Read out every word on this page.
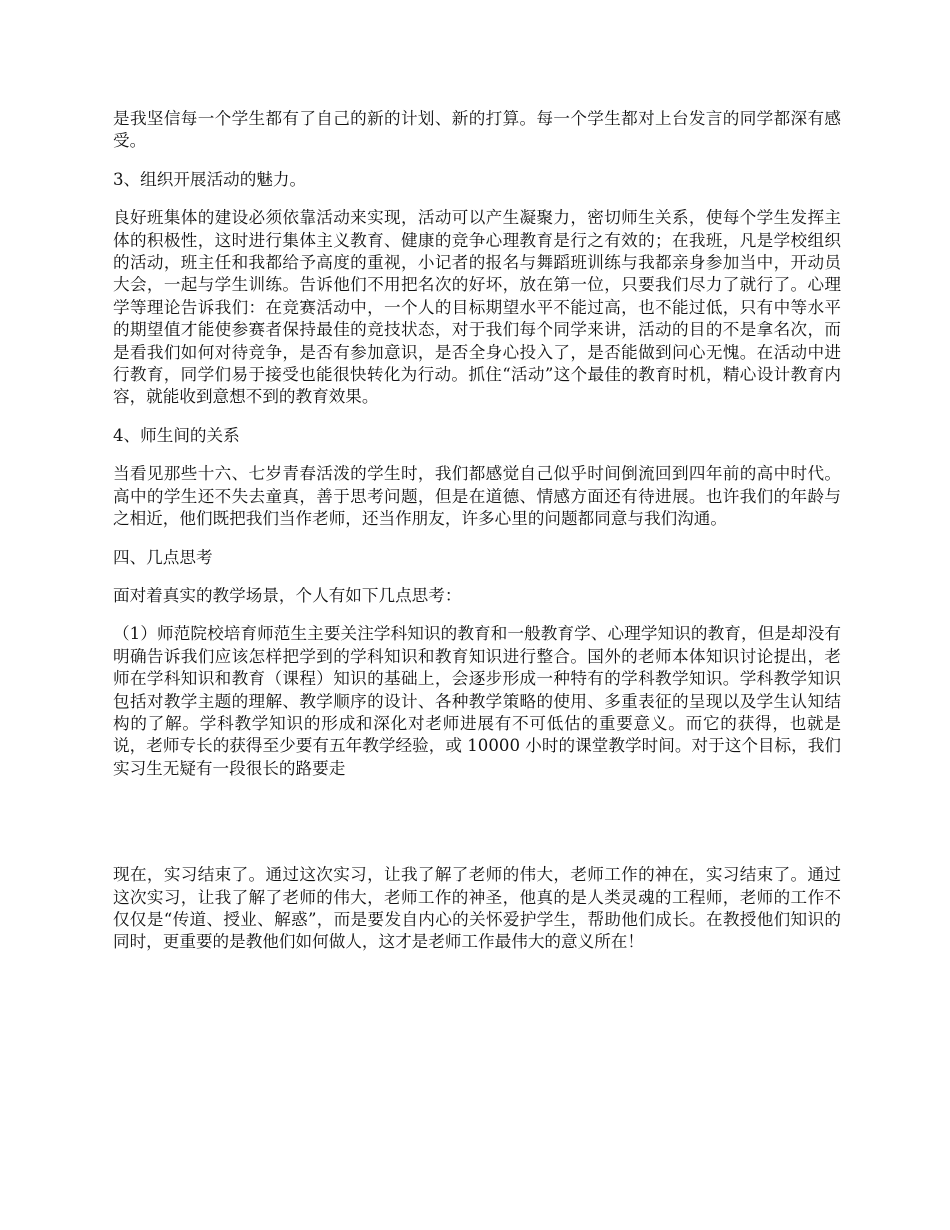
是我坚信每一个学生都有了自己的新的计划、新的打算。每一个学生都对上台发言的同学都深有感受。

3、组织开展活动的魅力。

良好班集体的建设必须依靠活动来实现，活动可以产生凝聚力，密切师生关系，使每个学生发挥主体的积极性，这时进行集体主义教育、健康的竞争心理教育是行之有效的；在我班，凡是学校组织的活动，班主任和我都给予高度的重视，小记者的报名与舞蹈班训练与我都亲身参加当中，开动员大会，一起与学生训练。告诉他们不用把名次的好坏，放在第一位，只要我们尽力了就行了。心理学等理论告诉我们：在竞赛活动中，一个人的目标期望水平不能过高，也不能过低，只有中等水平的期望值才能使参赛者保持最佳的竞技状态，对于我们每个同学来讲，活动的目的不是拿名次，而是看我们如何对待竞争，是否有参加意识，是否全身心投入了，是否能做到问心无愧。在活动中进行教育，同学们易于接受也能很快转化为行动。抓住“活动”这个最佳的教育时机，精心设计教育内容，就能收到意想不到的教育效果。

4、师生间的关系

当看见那些十六、七岁青春活泼的学生时，我们都感觉自己似乎时间倒流回到四年前的高中时代。高中的学生还不失去童真，善于思考问题，但是在道德、情感方面还有待进展。也许我们的年龄与之相近，他们既把我们当作老师，还当作朋友，许多心里的问题都同意与我们沟通。

四、几点思考

面对着真实的教学场景，个人有如下几点思考：

（1）师范院校培育师范生主要关注学科知识的教育和一般教育学、心理学知识的教育，但是却没有明确告诉我们应该怎样把学到的学科知识和教育知识进行整合。国外的老师本体知识讨论提出，老师在学科知识和教育（课程）知识的基础上，会逐步形成一种特有的学科教学知识。学科教学知识包括对教学主题的理解、教学顺序的设计、各种教学策略的使用、多重表征的呈现以及学生认知结构的了解。学科教学知识的形成和深化对老师进展有不可低估的重要意义。而它的获得，也就是说，老师专长的获得至少要有五年教学经验，或 10000 小时的课堂教学时间。对于这个目标，我们实习生无疑有一段很长的路要走

现在，实习结束了。通过这次实习，让我了解了老师的伟大，老师工作的神在，实习结束了。通过这次实习，让我了解了老师的伟大，老师工作的神圣，他真的是人类灵魂的工程师，老师的工作不仅仅是“传道、授业、解惑”，而是要发自内心的关怀爱护学生，帮助他们成长。在教授他们知识的同时，更重要的是教他们如何做人，这才是老师工作最伟大的意义所在！
